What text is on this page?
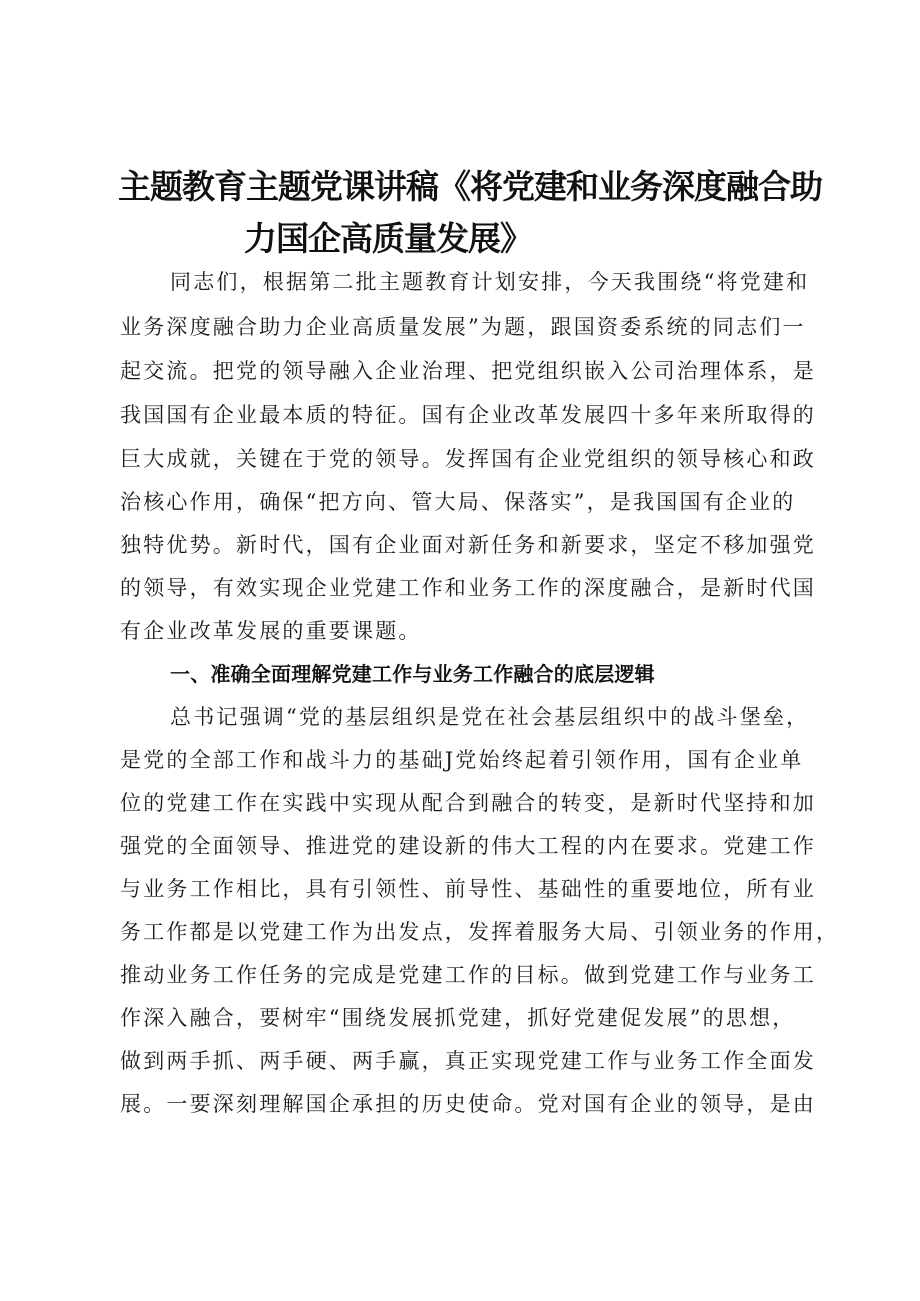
主题教育主题党课讲稿《将党建和业务深度融合助
力国企高质量发展》
同志们，根据第二批主题教育计划安排，今天我围绕“将党建和
业务深度融合助力企业高质量发展”为题，跟国资委系统的同志们一
起交流。把党的领导融入企业治理、把党组织嵌入公司治理体系，是
我国国有企业最本质的特征。国有企业改革发展四十多年来所取得的
巨大成就，关键在于党的领导。发挥国有企业党组织的领导核心和政
治核心作用，确保“把方向、管大局、保落实”，是我国国有企业的
独特优势。新时代，国有企业面对新任务和新要求，坚定不移加强党
的领导，有效实现企业党建工作和业务工作的深度融合，是新时代国
有企业改革发展的重要课题。
一、准确全面理解党建工作与业务工作融合的底层逻辑
总书记强调“党的基层组织是党在社会基层组织中的战斗堡垒，
是党的全部工作和战斗力的基础J党始终起着引领作用，国有企业单
位的党建工作在实践中实现从配合到融合的转变，是新时代坚持和加
强党的全面领导、推进党的建设新的伟大工程的内在要求。党建工作
与业务工作相比，具有引领性、前导性、基础性的重要地位，所有业
务工作都是以党建工作为出发点，发挥着服务大局、引领业务的作用，
推动业务工作任务的完成是党建工作的目标。做到党建工作与业务工
作深入融合，要树牢“围绕发展抓党建，抓好党建促发展”的思想，
做到两手抓、两手硬、两手赢，真正实现党建工作与业务工作全面发
展。一要深刻理解国企承担的历史使命。党对国有企业的领导，是由
